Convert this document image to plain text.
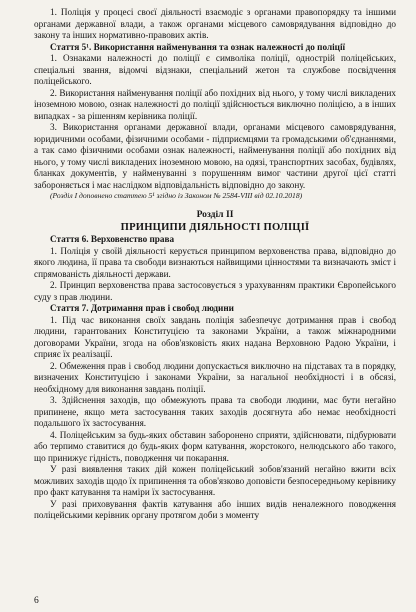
1. Поліція у процесі своєї діяльності взаємодіє з органами правопорядку та іншими органами державної влади, а також органами місцевого самоврядування відповідно до закону та інших нормативно-правових актів.

Стаття 5¹. Використання найменування та ознак належності до поліції

1. Ознаками належності до поліції є символіка поліції, однострій поліцейських, спеціальні звання, відомчі відзнаки, спеціальний жетон та службове посвідчення поліцейського.

2. Використання найменування поліції або похідних від нього, у тому числі викладених іноземною мовою, ознак належності до поліції здійснюється виключно поліцією, а в інших випадках - за рішенням керівника поліції.

3. Використання органами державної влади, органами місцевого самоврядування, юридичними особами, фізичними особами - підприємцями та громадськими об'єднаннями, а так само фізичними особами ознак належності, найменування поліції або похідних від нього, у тому числі викладених іноземною мовою, на одязі, транспортних засобах, будівлях, бланках документів, у найменуванні з порушенням вимог частини другої цієї статті забороняється і має наслідком відповідальність відповідно до закону.

(Розділ I доповнено статтею 5¹ згідно із Законом № 2584-VIII від 02.10.2018)

Розділ II
ПРИНЦИПИ ДІЯЛЬНОСТІ ПОЛІЦІЇ

Стаття 6. Верховенство права

1. Поліція у своїй діяльності керується принципом верховенства права, відповідно до якого людина, її права та свободи визнаються найвищими цінностями та визначають зміст і спрямованість діяльності держави.

2. Принцип верховенства права застосовується з урахуванням практики Європейського суду з прав людини.

Стаття 7. Дотримання прав і свобод людини

1. Під час виконання своїх завдань поліція забезпечує дотримання прав і свобод людини, гарантованих Конституцією та законами України, а також міжнародними договорами України, згода на обов'язковість яких надана Верховною Радою України, і сприяє їх реалізації.

2. Обмеження прав і свобод людини допускається виключно на підставах та в порядку, визначених Конституцією і законами України, за нагальної необхідності і в обсязі, необхідному для виконання завдань поліції.

3. Здійснення заходів, що обмежують права та свободи людини, має бути негайно припинене, якщо мета застосування таких заходів досягнута або немає необхідності подальшого їх застосування.

4. Поліцейським за будь-яких обставин заборонено сприяти, здійснювати, підбурювати або терпимо ставитися до будь-яких форм катування, жорстокого, нелюдського або такого, що принижує гідність, поводження чи покарання.

У разі виявлення таких дій кожен поліцейський зобов'язаний негайно вжити всіх можливих заходів щодо їх припинення та обов'язково доповісти безпосередньому керівнику про факт катування та наміри їх застосування.

У разі приховування фактів катування або інших видів неналежного поводження поліцейськими керівник органу протягом доби з моменту

6
